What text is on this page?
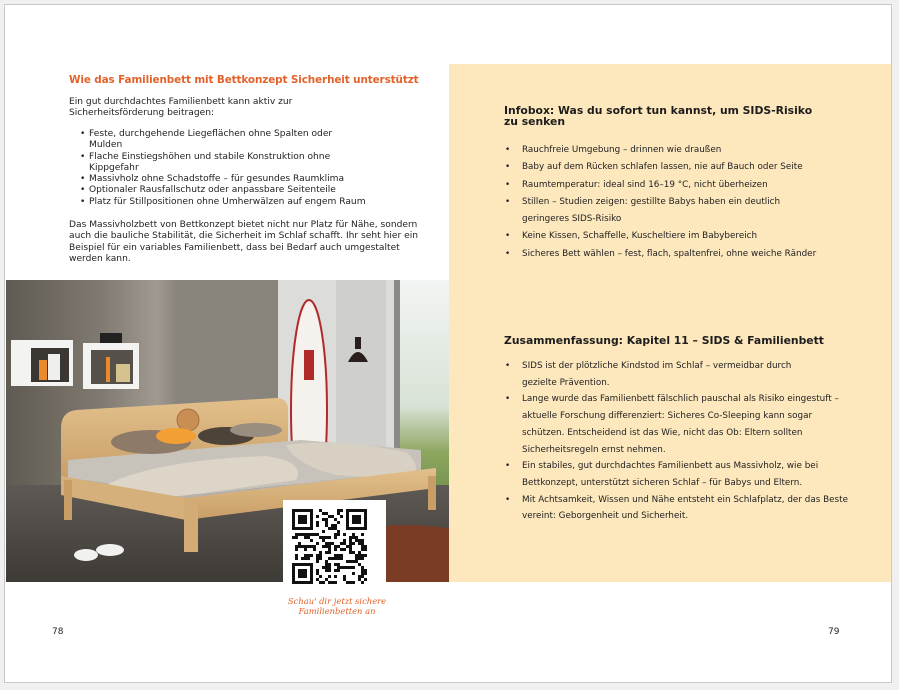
Wie das Familienbett mit Bettkonzept Sicherheit unterstützt
Ein gut durchdachtes Familienbett kann aktiv zur Sicherheitsförderung beitragen:
• Feste, durchgehende Liegeflächen ohne Spalten oder Mulden
• Flache Einstiegshöhen und stabile Konstruktion ohne Kippgefahr
• Massivholz ohne Schadstoffe – für gesundes Raumklima
• Optionaler Rausfallschutz oder anpassbare Seitenteile
• Platz für Stillpositionen ohne Umherwälzen auf engem Raum
Das Massivholzbett von Bettkonzept bietet nicht nur Platz für Nähe, sondern auch die bauliche Stabilität, die Sicherheit im Schlaf schafft. Ihr seht hier ein Beispiel für ein variables Familienbett, dass bei Bedarf auch umgestaltet werden kann.
Schau' dir jetzt sichere
Familienbetten an
78
Infobox: Was du sofort tun kannst, um SIDS-Risiko zu senken
• Rauchfreie Umgebung – drinnen wie draußen
• Baby auf dem Rücken schlafen lassen, nie auf Bauch oder Seite
• Raumtemperatur: ideal sind 16–19 °C, nicht überheizen
• Stillen – Studien zeigen: gestillte Babys haben ein deutlich geringeres SIDS-Risiko
• Keine Kissen, Schaffelle, Kuscheltiere im Babybereich
• Sicheres Bett wählen – fest, flach, spaltenfrei, ohne weiche Ränder
Zusammenfassung: Kapitel 11 – SIDS & Familienbett
• SIDS ist der plötzliche Kindstod im Schlaf – vermeidbar durch gezielte Prävention.
• Lange wurde das Familienbett fälschlich pauschal als Risiko eingestuft – aktuelle Forschung differenziert: Sicheres Co-Sleeping kann sogar schützen. Entscheidend ist das Wie, nicht das Ob: Eltern sollten Sicherheitsregeln ernst nehmen.
• Ein stabiles, gut durchdachtes Familienbett aus Massivholz, wie bei Bettkonzept, unterstützt sicheren Schlaf – für Babys und Eltern.
• Mit Achtsamkeit, Wissen und Nähe entsteht ein Schlafplatz, der das Beste vereint: Geborgenheit und Sicherheit.
79
